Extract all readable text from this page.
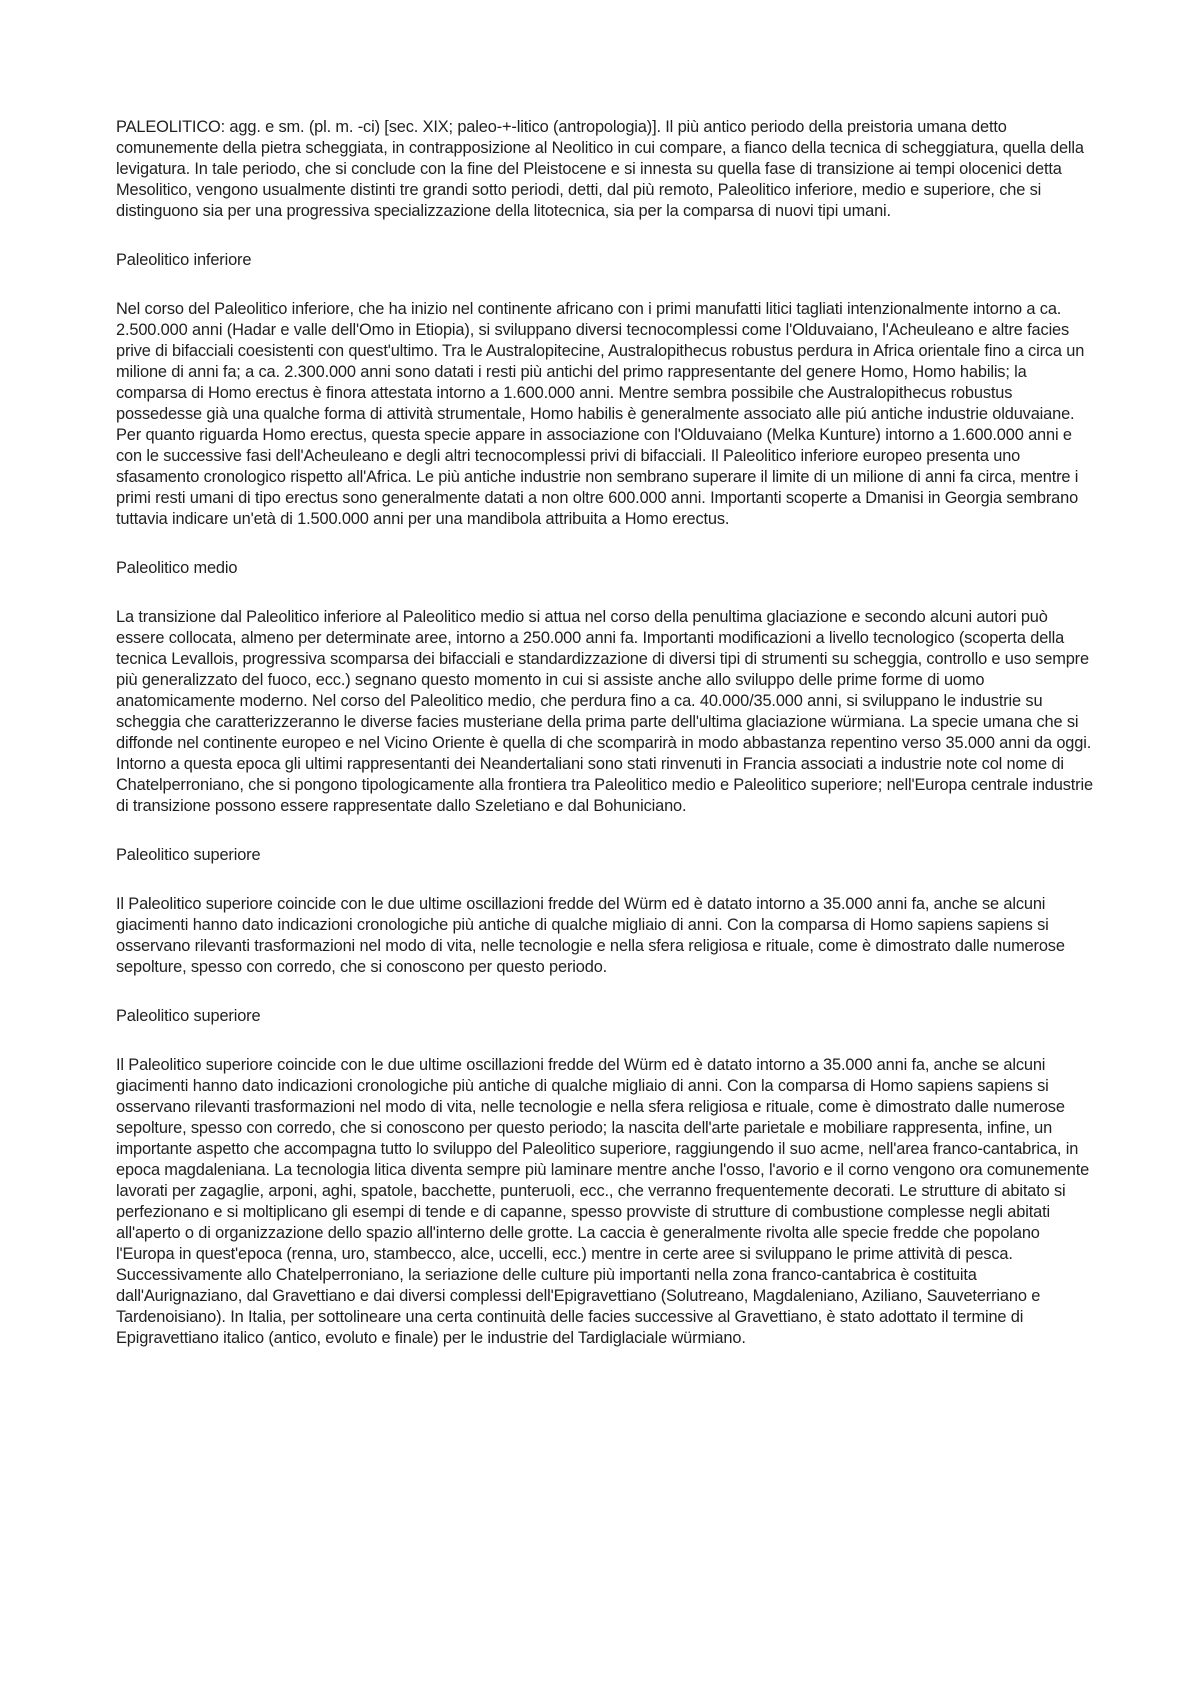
PALEOLITICO: agg. e sm. (pl. m. -ci) [sec. XIX; paleo-+-litico (antropologia)]. Il più antico periodo della preistoria umana detto comunemente della pietra scheggiata, in contrapposizione al Neolitico in cui compare, a fianco della tecnica di scheggiatura, quella della levigatura. In tale periodo, che si conclude con la fine del Pleistocene e si innesta su quella fase di transizione ai tempi olocenici detta Mesolitico, vengono usualmente distinti tre grandi sotto periodi, detti, dal più remoto, Paleolitico inferiore, medio e superiore, che si distinguono sia per una progressiva specializzazione della litotecnica, sia per la comparsa di nuovi tipi umani.

Paleolitico inferiore

Nel corso del Paleolitico inferiore, che ha inizio nel continente africano con i primi manufatti litici tagliati intenzionalmente intorno a ca. 2.500.000 anni (Hadar e valle dell'Omo in Etiopia), si sviluppano diversi tecnocomplessi come l'Olduvaiano, l'Acheuleano e altre facies prive di bifacciali coesistenti con quest'ultimo. Tra le Australopitecine, Australopithecus robustus perdura in Africa orientale fino a circa un milione di anni fa; a ca. 2.300.000 anni sono datati i resti più antichi del primo rappresentante del genere Homo, Homo habilis; la comparsa di Homo erectus è finora attestata intorno a 1.600.000 anni. Mentre sembra possibile che Australopithecus robustus possedesse già una qualche forma di attività strumentale, Homo habilis è generalmente associato alle piú antiche industrie olduvaiane. Per quanto riguarda Homo erectus, questa specie appare in associazione con l'Olduvaiano (Melka Kunture) intorno a 1.600.000 anni e con le successive fasi dell'Acheuleano e degli altri tecnocomplessi privi di bifacciali. Il Paleolitico inferiore europeo presenta uno sfasamento cronologico rispetto all'Africa. Le più antiche industrie non sembrano superare il limite di un milione di anni fa circa, mentre i primi resti umani di tipo erectus sono generalmente datati a non oltre 600.000 anni. Importanti scoperte a Dmanisi in Georgia sembrano tuttavia indicare un'età di 1.500.000 anni per una mandibola attribuita a Homo erectus.

Paleolitico medio

La transizione dal Paleolitico inferiore al Paleolitico medio si attua nel corso della penultima glaciazione e secondo alcuni autori può essere collocata, almeno per determinate aree, intorno a 250.000 anni fa. Importanti modificazioni a livello tecnologico (scoperta della tecnica Levallois, progressiva scomparsa dei bifacciali e standardizzazione di diversi tipi di strumenti su scheggia, controllo e uso sempre più generalizzato del fuoco, ecc.) segnano questo momento in cui si assiste anche allo sviluppo delle prime forme di uomo anatomicamente moderno. Nel corso del Paleolitico medio, che perdura fino a ca. 40.000/35.000 anni, si sviluppano le industrie su scheggia che caratterizzeranno le diverse facies musteriane della prima parte dell'ultima glaciazione würmiana. La specie umana che si diffonde nel continente europeo e nel Vicino Oriente è quella di che scomparirà in modo abbastanza repentino verso 35.000 anni da oggi. Intorno a questa epoca gli ultimi rappresentanti dei Neandertaliani sono stati rinvenuti in Francia associati a industrie note col nome di Chatelperroniano, che si pongono tipologicamente alla frontiera tra Paleolitico medio e Paleolitico superiore; nell'Europa centrale industrie di transizione possono essere rappresentate dallo Szeletiano e dal Bohuniciano.

Paleolitico superiore

Il Paleolitico superiore coincide con le due ultime oscillazioni fredde del Würm ed è datato intorno a 35.000 anni fa, anche se alcuni giacimenti hanno dato indicazioni cronologiche più antiche di qualche migliaio di anni. Con la comparsa di Homo sapiens sapiens si osservano rilevanti trasformazioni nel modo di vita, nelle tecnologie e nella sfera religiosa e rituale, come è dimostrato dalle numerose sepolture, spesso con corredo, che si conoscono per questo periodo.

Paleolitico superiore

Il Paleolitico superiore coincide con le due ultime oscillazioni fredde del Würm ed è datato intorno a 35.000 anni fa, anche se alcuni giacimenti hanno dato indicazioni cronologiche più antiche di qualche migliaio di anni. Con la comparsa di Homo sapiens sapiens si osservano rilevanti trasformazioni nel modo di vita, nelle tecnologie e nella sfera religiosa e rituale, come è dimostrato dalle numerose sepolture, spesso con corredo, che si conoscono per questo periodo; la nascita dell'arte parietale e mobiliare rappresenta, infine, un importante aspetto che accompagna tutto lo sviluppo del Paleolitico superiore, raggiungendo il suo acme, nell'area franco-cantabrica, in epoca magdaleniana. La tecnologia litica diventa sempre più laminare mentre anche l'osso, l'avorio e il corno vengono ora comunemente lavorati per zagaglie, arponi, aghi, spatole, bacchette, punteruoli, ecc., che verranno frequentemente decorati. Le strutture di abitato si perfezionano e si moltiplicano gli esempi di tende e di capanne, spesso provviste di strutture di combustione complesse negli abitati all'aperto o di organizzazione dello spazio all'interno delle grotte. La caccia è generalmente rivolta alle specie fredde che popolano l'Europa in quest'epoca (renna, uro, stambecco, alce, uccelli, ecc.) mentre in certe aree si sviluppano le prime attività di pesca. Successivamente allo Chatelperroniano, la seriazione delle culture più importanti nella zona franco-cantabrica è costituita dall'Aurignaziano, dal Gravettiano e dai diversi complessi dell'Epigravettiano (Solutreano, Magdaleniano, Aziliano, Sauveterriano e Tardenoisiano). In Italia, per sottolineare una certa continuità delle facies successive al Gravettiano, è stato adottato il termine di Epigravettiano italico (antico, evoluto e finale) per le industrie del Tardiglaciale würmiano.
